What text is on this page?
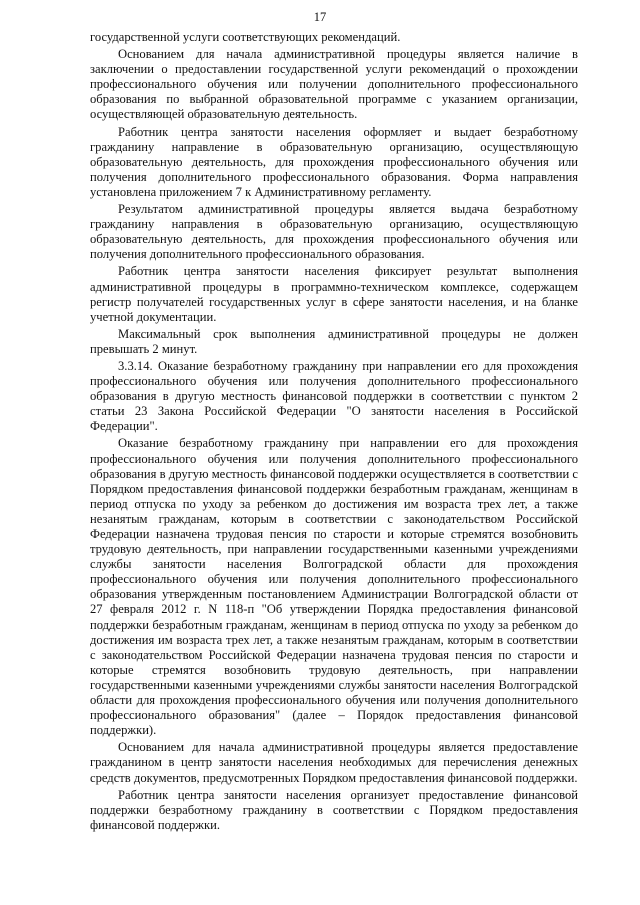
17

государственной услуги соответствующих рекомендаций.

Основанием для начала административной процедуры является наличие в заключении о предоставлении государственной услуги рекомендаций о прохождении профессионального обучения или получении дополнительного профессионального образования по выбранной образовательной программе с указанием организации, осуществляющей образовательную деятельность.

Работник центра занятости населения оформляет и выдает безработному гражданину направление в образовательную организацию, осуществляющую образовательную деятельность, для прохождения профессионального обучения или получения дополнительного профессионального образования. Форма направления установлена приложением 7 к Административному регламенту.

Результатом административной процедуры является выдача безработному гражданину направления в образовательную организацию, осуществляющую образовательную деятельность, для прохождения профессионального обучения или получения дополнительного профессионального образования.

Работник центра занятости населения фиксирует результат выполнения административной процедуры в программно-техническом комплексе, содержащем регистр получателей государственных услуг в сфере занятости населения, и на бланке учетной документации.

Максимальный срок выполнения административной процедуры не должен превышать 2 минут.

3.3.14. Оказание безработному гражданину при направлении его для прохождения профессионального обучения или получения дополнительного профессионального образования в другую местность финансовой поддержки в соответствии с пунктом 2 статьи 23 Закона Российской Федерации "О занятости населения в Российской Федерации".

Оказание безработному гражданину при направлении его для прохождения профессионального обучения или получения дополнительного профессионального образования в другую местность финансовой поддержки осуществляется в соответствии с Порядком предоставления финансовой поддержки безработным гражданам, женщинам в период отпуска по уходу за ребенком до достижения им возраста трех лет, а также незанятым гражданам, которым в соответствии с законодательством Российской Федерации назначена трудовая пенсия по старости и которые стремятся возобновить трудовую деятельность, при направлении государственными казенными учреждениями службы занятости населения Волгоградской области для прохождения профессионального обучения или получения дополнительного профессионального образования утвержденным постановлением Администрации Волгоградской области от 27 февраля 2012 г. N 118-п "Об утверждении Порядка предоставления финансовой поддержки безработным гражданам, женщинам в период отпуска по уходу за ребенком до достижения им возраста трех лет, а также незанятым гражданам, которым в соответствии с законодательством Российской Федерации назначена трудовая пенсия по старости и которые стремятся возобновить трудовую деятельность, при направлении государственными казенными учреждениями службы занятости населения Волгоградской области для прохождения профессионального обучения или получения дополнительного профессионального образования" (далее – Порядок предоставления финансовой поддержки).

Основанием для начала административной процедуры является предоставление гражданином в центр занятости населения необходимых для перечисления денежных средств документов, предусмотренных Порядком предоставления финансовой поддержки.

Работник центра занятости населения организует предоставление финансовой поддержки безработному гражданину в соответствии с Порядком предоставления финансовой поддержки.
